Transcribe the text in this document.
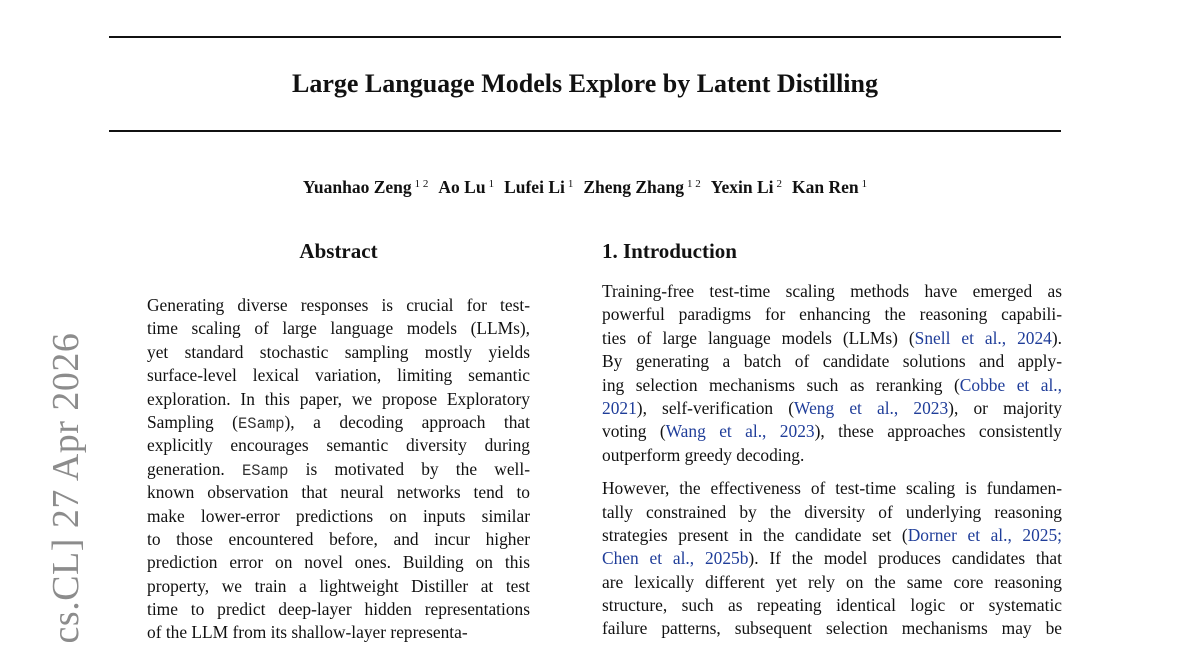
Large Language Models Explore by Latent Distilling
Yuanhao Zeng $^{1 2}$ Ao Lu $^1$ Lufei Li $^1$ Zheng Zhang $^{1 2}$ Yexin Li $^2$ Kan Ren $^1$
cs.CL] 27 Apr 2026
Abstract
Generating diverse responses is crucial for test-
time scaling of large language models (LLMs),
yet standard stochastic sampling mostly yields
surface-level lexical variation, limiting semantic
exploration. In this paper, we propose Exploratory
Sampling (ESamp), a decoding approach that
explicitly encourages semantic diversity during
generation. ESamp is motivated by the well-
known observation that neural networks tend to
make lower-error predictions on inputs similar
to those encountered before, and incur higher
prediction error on novel ones. Building on this
property, we train a lightweight Distiller at test
time to predict deep-layer hidden representations
of the LLM from its shallow-layer representa-
1. Introduction
Training-free test-time scaling methods have emerged as
powerful paradigms for enhancing the reasoning capabili-
ties of large language models (LLMs) (Snell et al., 2024).
By generating a batch of candidate solutions and apply-
ing selection mechanisms such as reranking (Cobbe et al.,
2021), self-verification (Weng et al., 2023), or majority
voting (Wang et al., 2023), these approaches consistently
outperform greedy decoding.
However, the effectiveness of test-time scaling is fundamen-
tally constrained by the diversity of underlying reasoning
strategies present in the candidate set (Dorner et al., 2025;
Chen et al., 2025b). If the model produces candidates that
are lexically different yet rely on the same core reasoning
structure, such as repeating identical logic or systematic
failure patterns, subsequent selection mechanisms may be
